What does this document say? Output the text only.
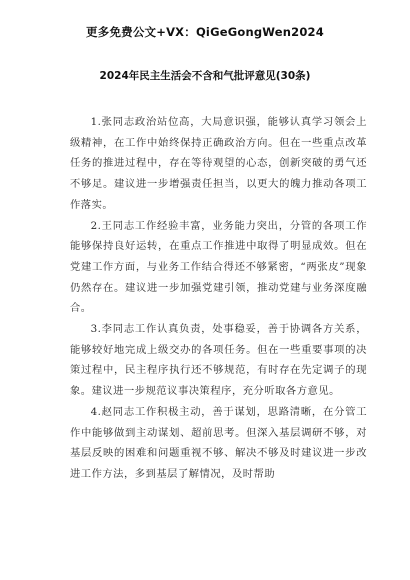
更多免费公文+VX：QiGeGongWen2024
2024年民主生活会不含和气批评意见(30条)

1.张同志政治站位高，大局意识强，能够认真学习领会上级精神，在工作中始终保持正确政治方向。但在一些重点改革任务的推进过程中，存在等待观望的心态，创新突破的勇气还不够足。建议进一步增强责任担当，以更大的魄力推动各项工作落实。

2.王同志工作经验丰富，业务能力突出，分管的各项工作能够保持良好运转，在重点工作推进中取得了明显成效。但在党建工作方面，与业务工作结合得还不够紧密，“两张皮”现象仍然存在。建议进一步加强党建引领，推动党建与业务深度融合。

3.李同志工作认真负责，处事稳妥，善于协调各方关系，能够较好地完成上级交办的各项任务。但在一些重要事项的决策过程中，民主程序执行还不够规范，有时存在先定调子的现象。建议进一步规范议事决策程序，充分听取各方意见。

4.赵同志工作积极主动，善于谋划，思路清晰，在分管工作中能够做到主动谋划、超前思考。但深入基层调研不够，对基层反映的困难和问题重视不够、解决不够及时建议进一步改进工作方法，多到基层了解情况，及时帮助
